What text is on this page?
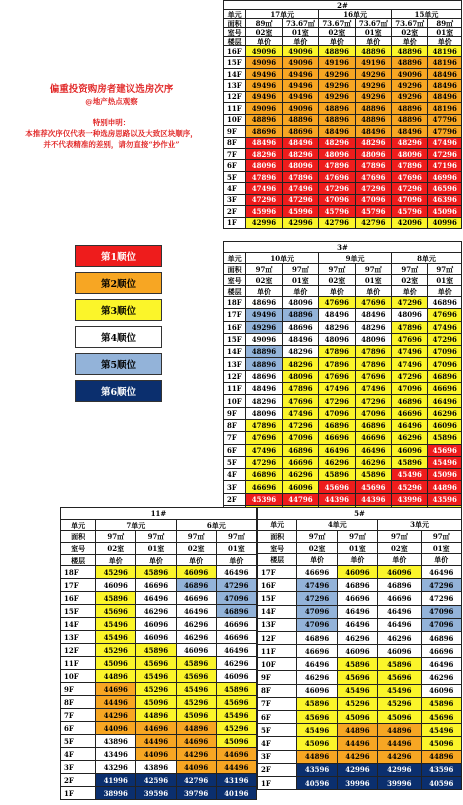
偏重投资购房者建议选房次序
@地产热点观察
特别申明：
本推荐次序仅代表一种选房思路以及大致区块顺序，
并不代表精准的差别，请勿直接“抄作业”
第1顺位
第2顺位
第3顺位
第4顺位
第5顺位
第6顺位
2#						
单元	17单元		16单元		15单元	
面积	89㎡	73.67㎡	73.67㎡	73.67㎡	73.67㎡	89㎡
室号	02室	01室	02室	01室	02室	01室
楼层	单价	单价	单价	单价	单价	单价
16F	49096	49096	48896	48896	48896	48196
15F	49096	49096	49196	49196	48896	48196
14F	49496	49496	49296	49296	49096	48496
13F	49496	49496	49296	49296	49296	48496
12F	49496	49496	49296	49296	49296	48496
11F	49096	49096	48896	48896	48896	48196
10F	48896	48896	48896	48896	48896	47796
9F	48696	48696	48496	48496	48496	47796
8F	48496	48496	48296	48296	48296	47496
7F	48296	48296	48096	48096	48096	47296
6F	48096	48096	47896	47896	47896	47196
5F	47896	47896	47696	47696	47696	46996
4F	47496	47496	47296	47296	47296	46596
3F	47296	47296	47096	47096	47096	46396
2F	45996	45996	45796	45796	45796	45096
1F	42996	42996	42796	42796	42096	40996
3#						
单元	10单元		9单元		8单元	
面积	97㎡	97㎡	97㎡	97㎡	97㎡	97㎡
室号	02室	01室	02室	01室	02室	01室
楼层	单价	单价	单价	单价	单价	单价
18F	48696	48096	47696	47696	47296	46896
17F	49496	48896	48496	48496	48096	47696
16F	49296	48696	48296	48296	47896	47496
15F	49096	48496	48096	48096	47696	47296
14F	48896	48296	47896	47896	47496	47096
13F	48896	48296	47896	47896	47496	47096
12F	48696	48096	47696	47696	47296	46896
11F	48496	47896	47496	47496	47096	46696
10F	48296	47696	47296	47296	46896	46496
9F	48096	47496	47096	47096	46696	46296
8F	47896	47296	46896	46896	46496	46096
7F	47696	47096	46696	46696	46296	45896
6F	47496	46896	46496	46496	46096	45696
5F	47296	46696	46296	46296	45896	45496
4F	46896	46296	45896	45896	45496	45096
3F	46696	46096	45696	45696	45296	44896
2F	45396	44796	44396	44396	43996	43596

11#				
单元	7单元		6单元	
面积	97㎡	97㎡	97㎡	97㎡
室号	02室	01室	02室	01室
楼层	单价	单价	单价	单价
18F	45296	45896	46096	46496
17F	46096	46696	46896	47296
16F	45896	46496	46696	47096
15F	45696	46296	46496	46896
14F	45496	46096	46296	46696
13F	45496	46096	46296	46696
12F	45296	45896	46096	46496
11F	45096	45696	45896	46296
10F	44896	45496	45696	46096
9F	44696	45296	45496	45896
8F	44496	45096	45296	45696
7F	44296	44896	45096	45496
6F	44096	44696	44896	45296
5F	43896	44496	44696	45096
4F	43496	44096	44296	44696
3F	43296	43896	44096	44496
2F	41996	42596	42796	43196
1F	38996	39596	39796	40196
5#				
单元	4单元		3单元	
面积	97㎡	97㎡	97㎡	97㎡
室号	02室	01室	02室	01室
楼层	单价	单价	单价	单价
17F	46696	46096	46096	46496
16F	47496	46896	46896	47296
15F	47296	46696	46696	47296
14F	47096	46496	46496	47096
13F	47096	46496	46496	47096
12F	46896	46296	46296	46896
11F	46696	46096	46096	46696
10F	46496	45896	45896	46496
9F	46296	45696	45696	46296
8F	46096	45496	45496	46096
7F	45896	45296	45296	45896
6F	45696	45096	45096	45696
5F	45496	44896	44896	45496
4F	45096	44496	44496	45096
3F	44896	44296	44296	44896
2F	43596	42996	42996	43596
1F	40596	39996	39996	40596
